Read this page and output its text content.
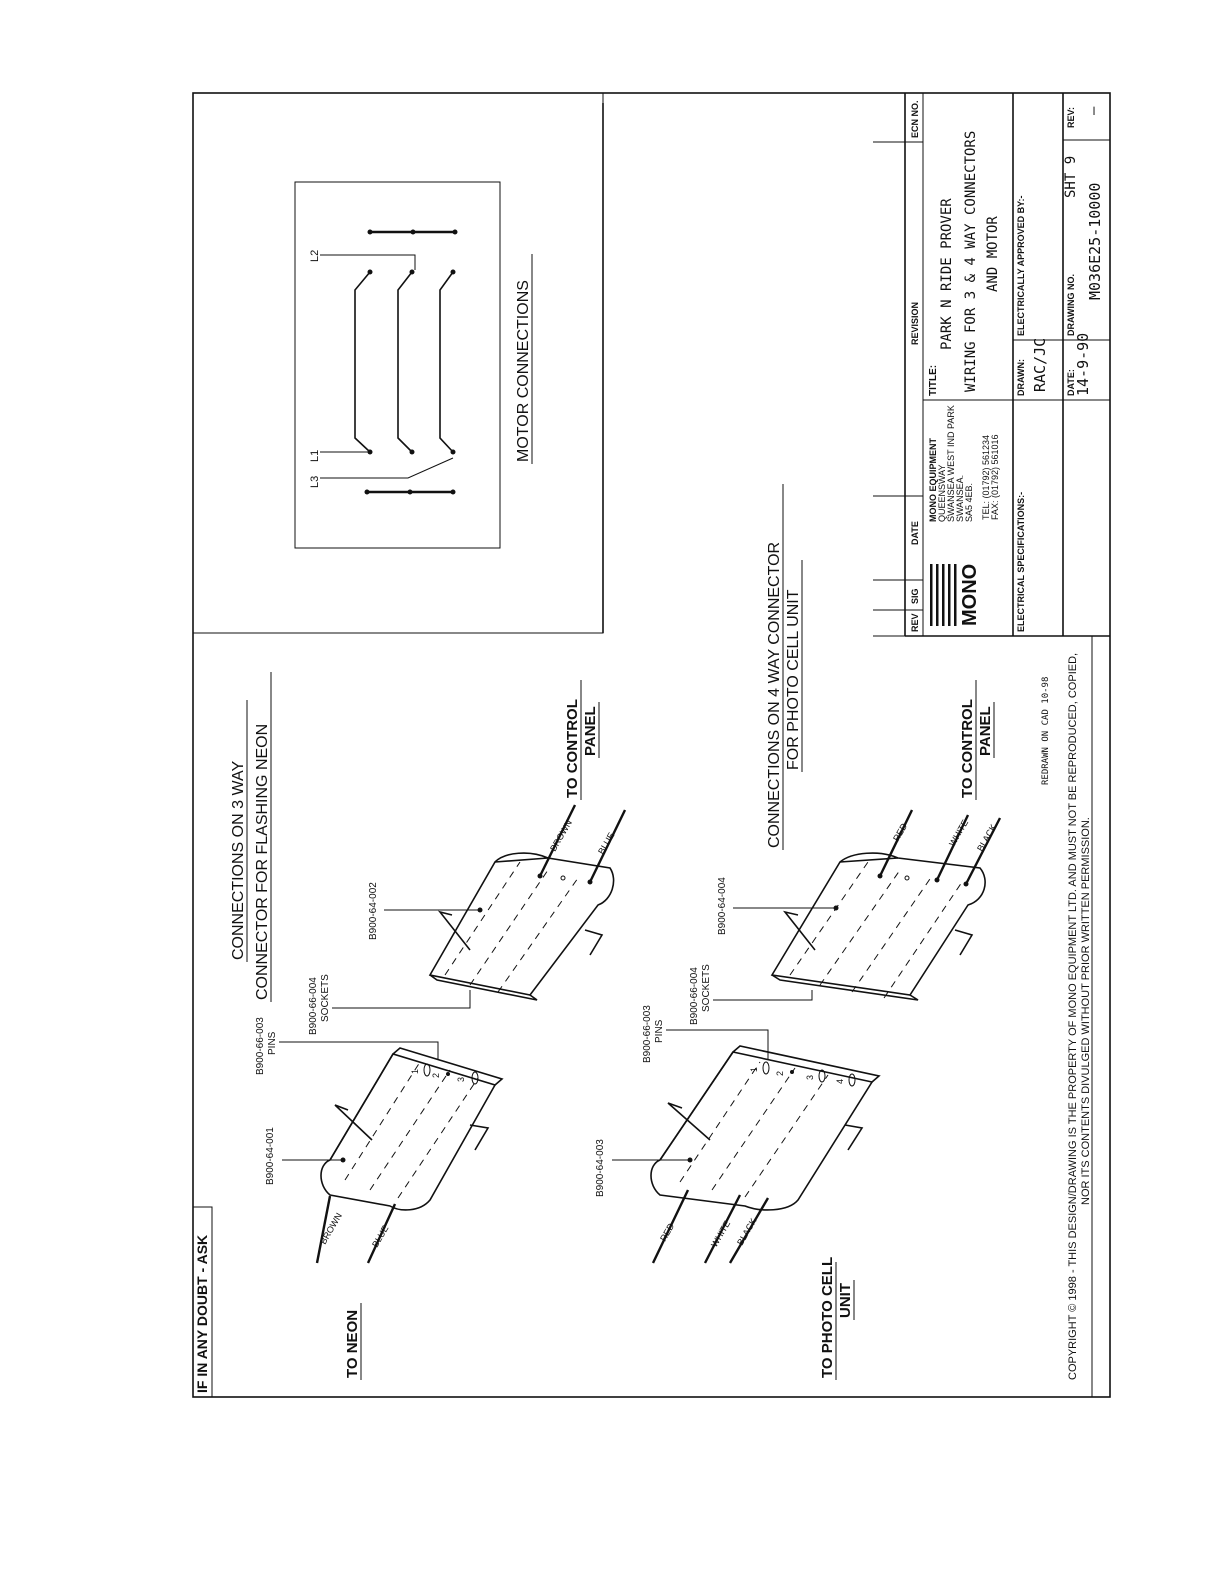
IF IN ANY DOUBT - ASK
CONNECTIONS ON 3 WAY CONNECTOR FOR FLASHING NEON
CONNECTIONS ON 4 WAY CONNECTOR FOR PHOTO CELL UNIT
MOTOR CONNECTIONS
TO NEON	TO PHOTO CELL UNIT
TO CONTROL PANEL	TO CONTROL PANEL
1
2
3
1
2
3
4
BROWN	BLUE
BROWN BLUE
RED	WHITE BLACK
RED	WHITE BLACK
B900-66-003 PINS
B900-66-004 SOCKETS
B900-64-001
B900-64-002
B900-66-003 PINS
B900-66-004 SOCKETS
B900-64-003
B900-64-004
L3
L1
L2
REV
SIG
DATE
REVISION
ECN NO.
MONO
MONO EQUIPMENT QUEENSWAY SWANSEA WEST IND PARK SWANSEA. SA5 4EB. TEL: (01792) 561234 FAX: (01792) 561016
TITLE:
PARK N RIDE PROVER WIRING FOR 3 & 4 WAY CONNECTORS AND MOTOR
ELECTRICAL SPECIFICATIONS:-
ELECTRICALLY APPROVED BY:-
DRAWN: RAC/JC DATE:
14-9-90
DRAWING NO.
M036E25-10000
SHT 9
REV: —
REDRAWN ON CAD 10-98 COPYRIGHT © 1998 - THIS DESIGN/DRAWING IS THE PROPERTY OF MONO EQUIPMENT LTD. AND MUST NOT BE REPRODUCED, COPIED, NOR ITS CONTENTS DIVULGED WITHOUT PRIOR WRITTEN PERMISSION.
